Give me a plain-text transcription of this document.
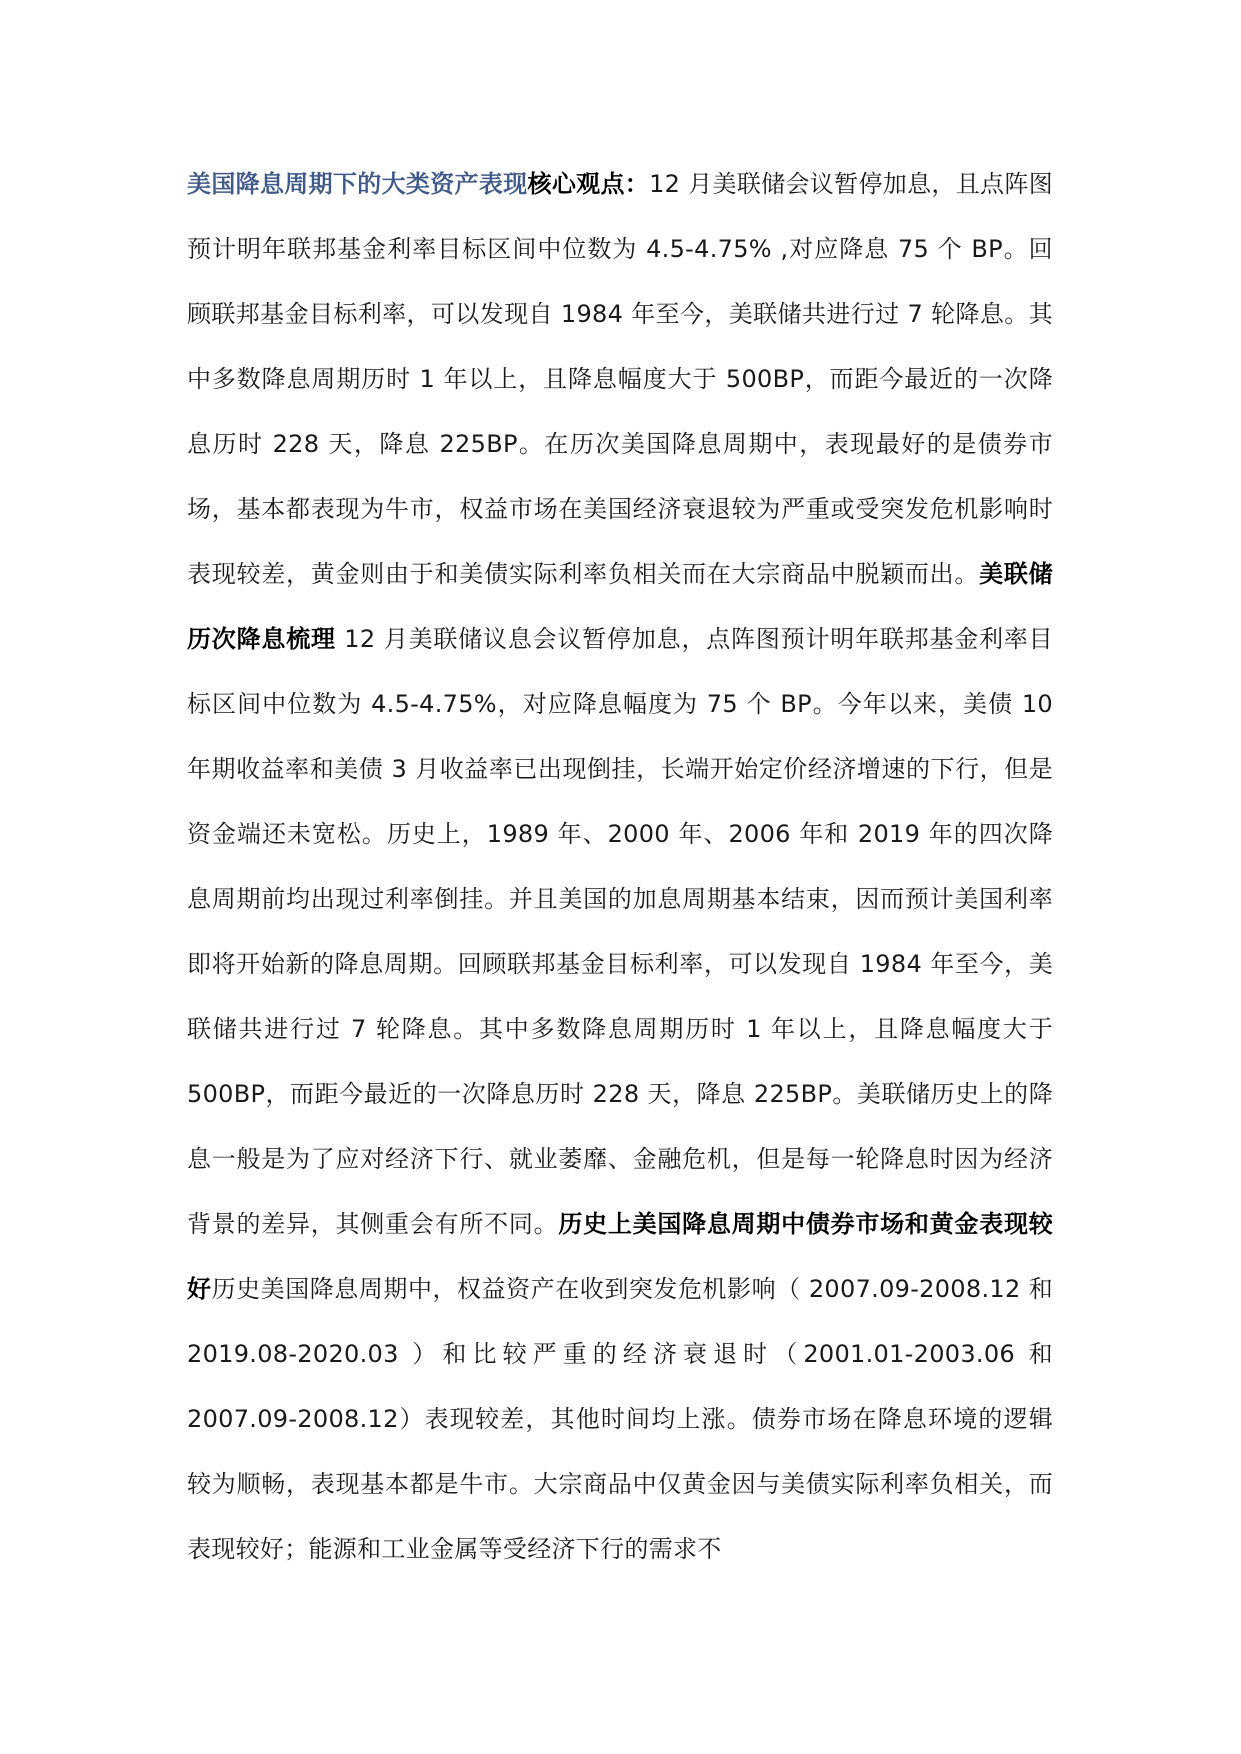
美国降息周期下的大类资产表现核心观点：12 月美联储会议暂停加息，且点阵图预计明年联邦基金利率目标区间中位数为 4.5-4.75% ,对应降息 75 个 BP。回顾联邦基金目标利率，可以发现自 1984 年至今，美联储共进行过 7 轮降息。其中多数降息周期历时 1 年以上，且降息幅度大于 500BP，而距今最近的一次降息历时 228 天，降息 225BP。在历次美国降息周期中，表现最好的是债券市场，基本都表现为牛市，权益市场在美国经济衰退较为严重或受突发危机影响时表现较差，黄金则由于和美债实际利率负相关而在大宗商品中脱颖而出。美联储历次降息梳理 12 月美联储议息会议暂停加息，点阵图预计明年联邦基金利率目标区间中位数为 4.5-4.75%，对应降息幅度为 75 个 BP。今年以来，美债 10 年期收益率和美债 3 月收益率已出现倒挂，长端开始定价经济增速的下行，但是资金端还未宽松。历史上，1989 年、2000 年、2006 年和 2019 年的四次降息周期前均出现过利率倒挂。并且美国的加息周期基本结束，因而预计美国利率即将开始新的降息周期。回顾联邦基金目标利率，可以发现自 1984 年至今，美联储共进行过 7 轮降息。其中多数降息周期历时 1 年以上，且降息幅度大于 500BP，而距今最近的一次降息历时 228 天，降息 225BP。美联储历史上的降息一般是为了应对经济下行、就业萎靡、金融危机，但是每一轮降息时因为经济背景的差异，其侧重会有所不同。历史上美国降息周期中债券市场和黄金表现较好历史美国降息周期中，权益资产在收到突发危机影响（ 2007.09-2008.12 和 2019.08-2020.03 ）和比较严重的经济衰退时（2001.01-2003.06 和 2007.09-2008.12）表现较差，其他时间均上涨。债券市场在降息环境的逻辑较为顺畅，表现基本都是牛市。大宗商品中仅黄金因与美债实际利率负相关，而表现较好；能源和工业金属等受经济下行的需求不
